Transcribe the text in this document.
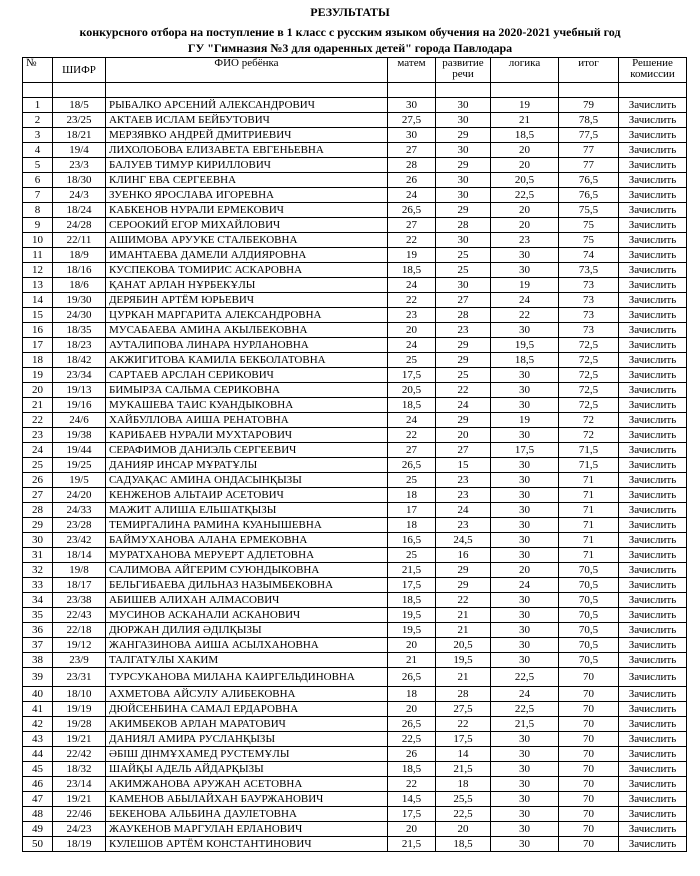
РЕЗУЛЬТАТЫ
конкурсного отбора на поступление в 1 класс с русским языком обучения на 2020-2021 учебный год
ГУ "Гимназия №3 для одаренных детей" города Павлодара
№	ШИФР	ФИО ребёнка	матем	развитие речи	логика	итог	Решение комиссии

1	18/5	РЫБАЛКО АРСЕНИЙ АЛЕКСАНДРОВИЧ	30	30	19	79	Зачислить
2	23/25	АКТАЕВ ИСЛАМ БЕЙБУТОВИЧ	27,5	30	21	78,5	Зачислить
3	18/21	МЕРЗЯВКО АНДРЕЙ ДМИТРИЕВИЧ	30	29	18,5	77,5	Зачислить
4	19/4	ЛИХОЛОБОВА ЕЛИЗАВЕТА ЕВГЕНЬЕВНА	27	30	20	77	Зачислить
5	23/3	БАЛУЕВ ТИМУР КИРИЛЛОВИЧ	28	29	20	77	Зачислить
6	18/30	КЛИНГ ЕВА СЕРГЕЕВНА	26	30	20,5	76,5	Зачислить
7	24/3	ЗУЕНКО ЯРОСЛАВА ИГОРЕВНА	24	30	22,5	76,5	Зачислить
8	18/24	КАБКЕНОВ НУРАЛИ ЕРМЕКОВИЧ	26,5	29	20	75,5	Зачислить
9	24/28	СЕРООКИЙ ЕГОР МИХАЙЛОВИЧ	27	28	20	75	Зачислить
10	22/11	АШИМОВА АРУУКЕ СТАЛБЕКОВНА	22	30	23	75	Зачислить
11	18/9	ИМАНТАЕВА ДАМЕЛИ АЛДИЯРОВНА	19	25	30	74	Зачислить
12	18/16	КУСПЕКОВА ТОМИРИС АСКАРОВНА	18,5	25	30	73,5	Зачислить
13	18/6	ҚАНАТ АРЛАН НҰРБЕКҰЛЫ	24	30	19	73	Зачислить
14	19/30	ДЕРЯБИН АРТЁМ ЮРЬЕВИЧ	22	27	24	73	Зачислить
15	24/30	ЦУРКАН МАРГАРИТА АЛЕКСАНДРОВНА	23	28	22	73	Зачислить
16	18/35	МУСАБАЕВА АМИНА АКЫЛБЕКОВНА	20	23	30	73	Зачислить
17	18/23	АУТАЛИПОВА ЛИНАРА НУРЛАНОВНА	24	29	19,5	72,5	Зачислить
18	18/42	АКЖИГИТОВА КАМИЛА БЕКБОЛАТОВНА	25	29	18,5	72,5	Зачислить
19	23/34	САРТАЕВ АРСЛАН СЕРИКОВИЧ	17,5	25	30	72,5	Зачислить
20	19/13	БИМЫРЗА САЛЬМА СЕРИКОВНА	20,5	22	30	72,5	Зачислить
21	19/16	МУКАШЕВА ТАИС КУАНДЫКОВНА	18,5	24	30	72,5	Зачислить
22	24/6	ХАЙБУЛЛОВА АИША РЕНАТОВНА	24	29	19	72	Зачислить
23	19/38	КАРИБАЕВ НУРАЛИ МУХТАРОВИЧ	22	20	30	72	Зачислить
24	19/44	СЕРАФИМОВ ДАНИЭЛЬ СЕРГЕЕВИЧ	27	27	17,5	71,5	Зачислить
25	19/25	ДАНИЯР ИНСАР МҰРАТҰЛЫ	26,5	15	30	71,5	Зачислить
26	19/5	САДУАҚАС АМИНА ОНДАСЫНҚЫЗЫ	25	23	30	71	Зачислить
27	24/20	КЕНЖЕНОВ АЛЬТАИР АСЕТОВИЧ	18	23	30	71	Зачислить
28	24/33	МАЖИТ АЛИША ЕЛЬШАТҚЫЗЫ	17	24	30	71	Зачислить
29	23/28	ТЕМИРГАЛИНА РАМИНА КУАНЫШЕВНА	18	23	30	71	Зачислить
30	23/42	БАЙМУХАНОВА АЛАНА ЕРМЕКОВНА	16,5	24,5	30	71	Зачислить
31	18/14	МУРАТХАНОВА МЕРУЕРТ АДЛЕТОВНА	25	16	30	71	Зачислить
32	19/8	САЛИМОВА АЙГЕРИМ СУЮНДЫКОВНА	21,5	29	20	70,5	Зачислить
33	18/17	БЕЛЬГИБАЕВА ДИЛЬНАЗ НАЗЫМБЕКОВНА	17,5	29	24	70,5	Зачислить
34	23/38	АБИШЕВ АЛИХАН АЛМАСОВИЧ	18,5	22	30	70,5	Зачислить
35	22/43	МУСИНОВ АСКАНАЛИ АСКАНОВИЧ	19,5	21	30	70,5	Зачислить
36	22/18	ДЮРЖАН ДИЛИЯ ӘДІЛҚЫЗЫ	19,5	21	30	70,5	Зачислить
37	19/12	ЖАНГАЗИНОВА АИША АСЫЛХАНОВНА	20	20,5	30	70,5	Зачислить
38	23/9	ТАЛГАТҰЛЫ ХАКИМ	21	19,5	30	70,5	Зачислить
39	23/31	ТУРСУКАНОВА МИЛАНА КАИРГЕЛЬДИНОВНА	26,5	21	22,5	70	Зачислить
40	18/10	АХМЕТОВА АЙСУЛУ АЛИБЕКОВНА	18	28	24	70	Зачислить
41	19/19	ДЮЙСЕНБИНА САМАЛ ЕРДАРОВНА	20	27,5	22,5	70	Зачислить
42	19/28	АКИМБЕКОВ АРЛАН МАРАТОВИЧ	26,5	22	21,5	70	Зачислить
43	19/21	ДАНИЯЛ АМИРА РУСЛАНҚЫЗЫ	22,5	17,5	30	70	Зачислить
44	22/42	ӘБІШ ДІНМҰХАМЕД РУСТЕМҰЛЫ	26	14	30	70	Зачислить
45	18/32	ШАЙҚЫ АДЕЛЬ АЙДАРҚЫЗЫ	18,5	21,5	30	70	Зачислить
46	23/14	АКИМЖАНОВА АРУЖАН АСЕТОВНА	22	18	30	70	Зачислить
47	19/21	КАМЕНОВ АБЫЛАЙХАН БАУРЖАНОВИЧ	14,5	25,5	30	70	Зачислить
48	22/46	БЕКЕНОВА АЛЬБИНА ДАУЛЕТОВНА	17,5	22,5	30	70	Зачислить
49	24/23	ЖАУКЕНОВ МАРГУЛАН ЕРЛАНОВИЧ	20	20	30	70	Зачислить
50	18/19	КУЛЕШОВ АРТЁМ КОНСТАНТИНОВИЧ	21,5	18,5	30	70	Зачислить
